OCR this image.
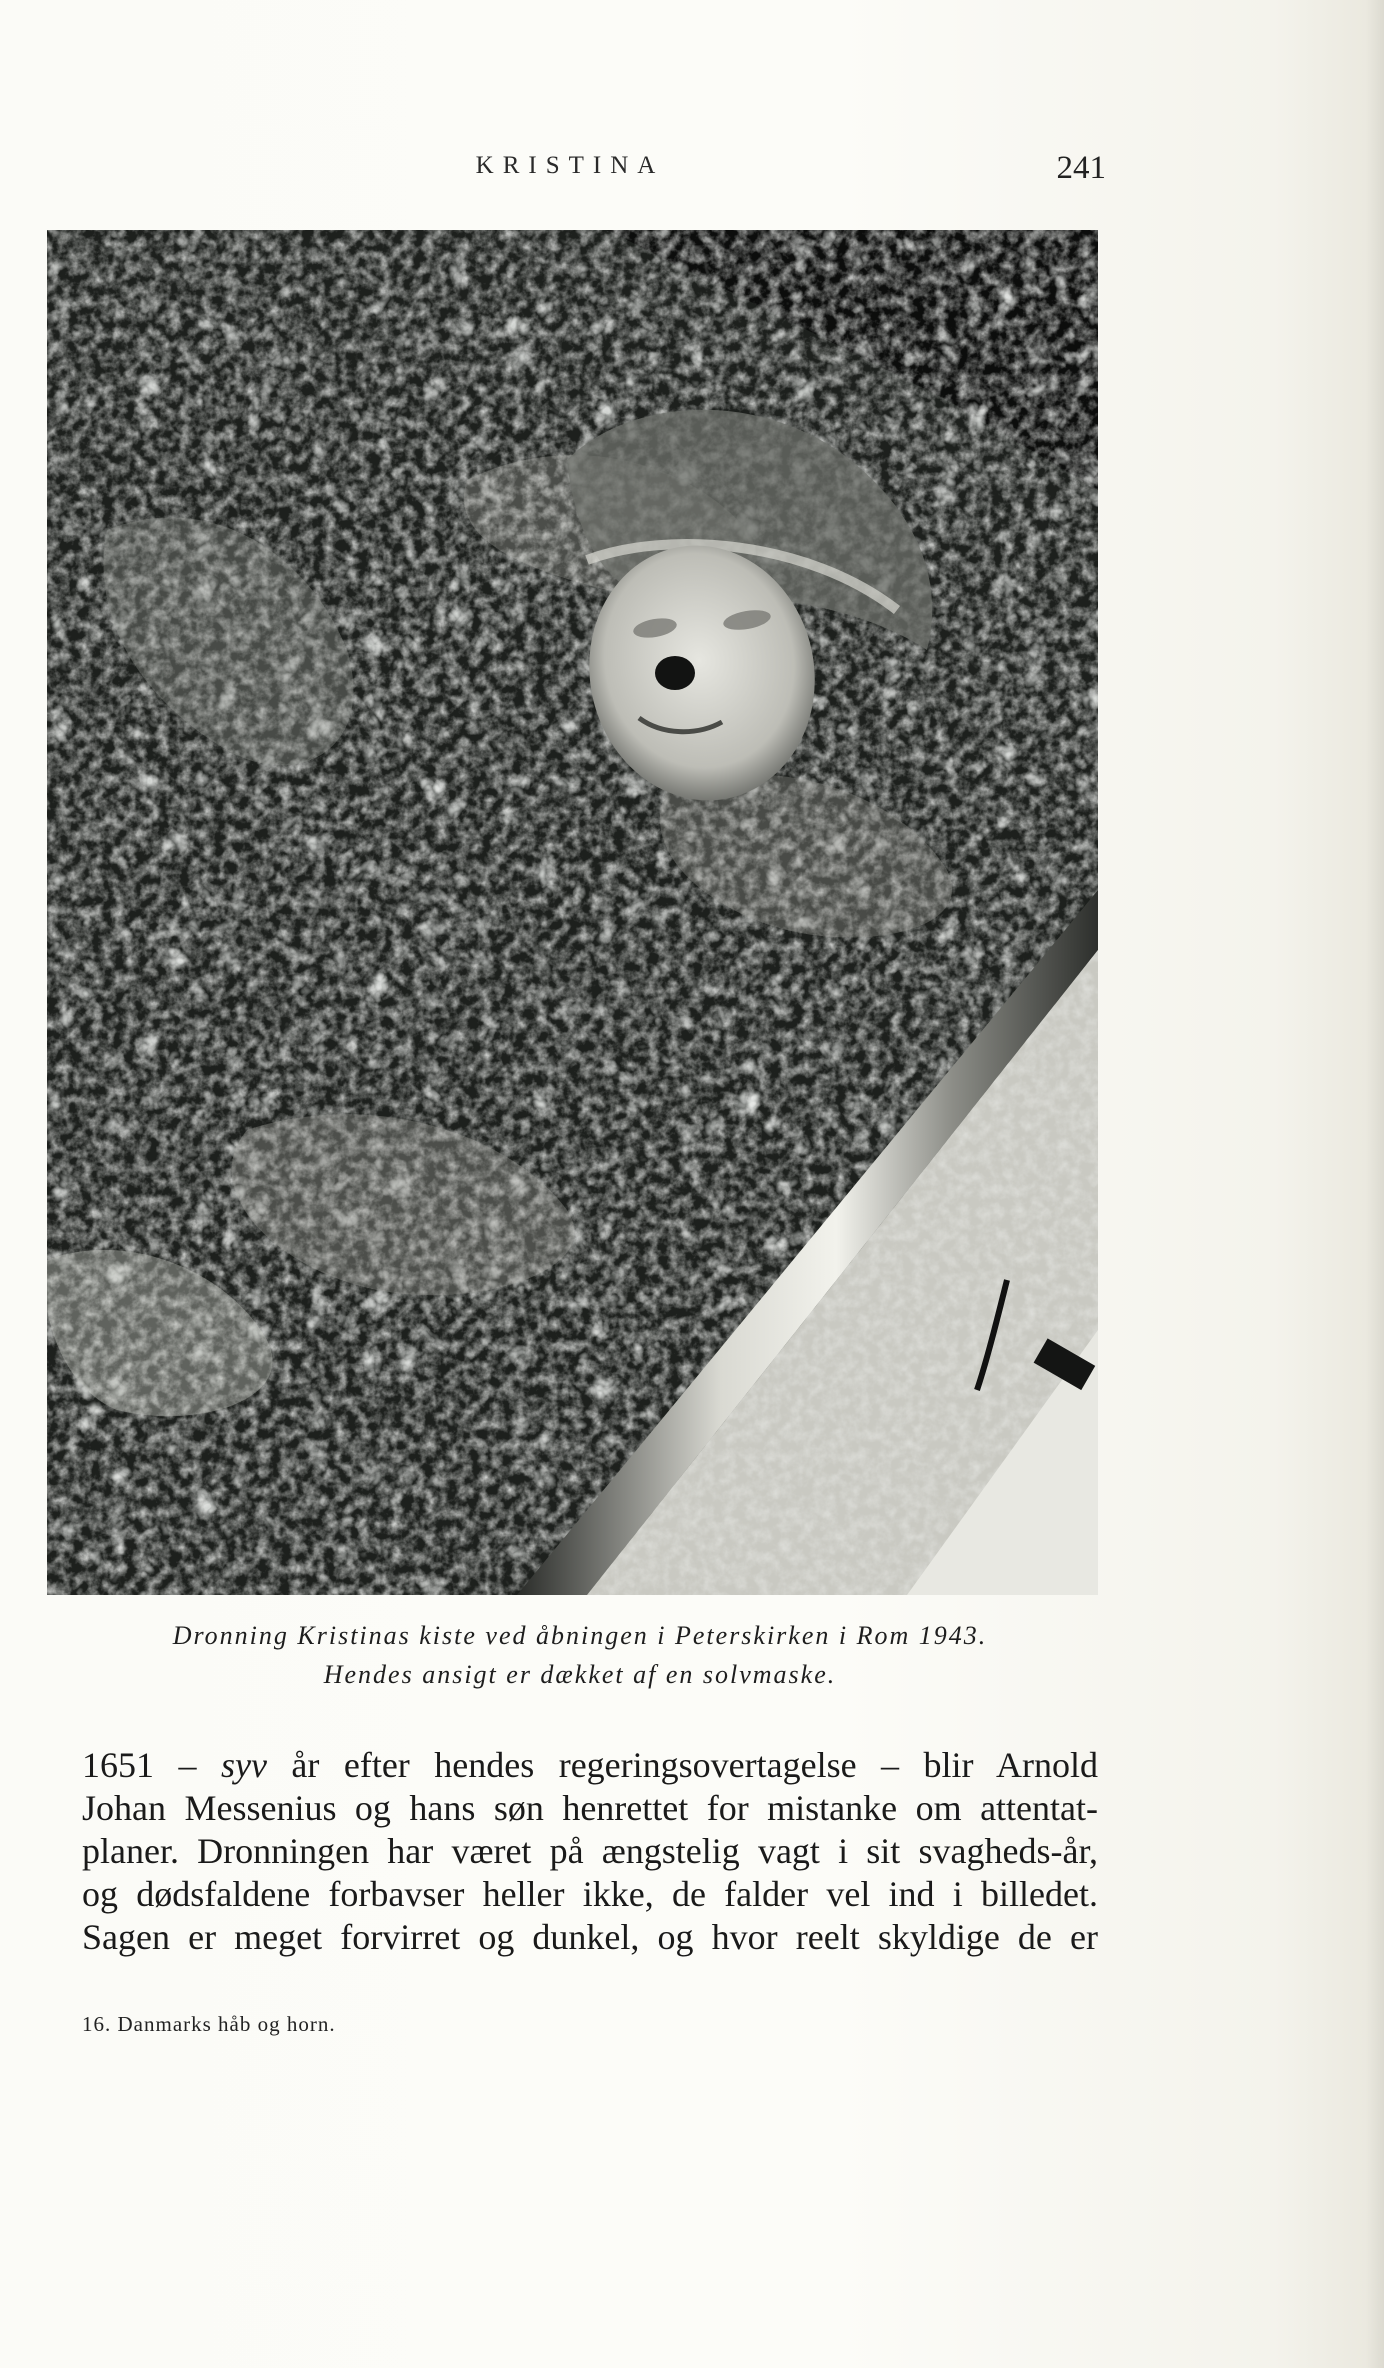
KRISTINA	241
Dronning Kristinas kiste ved åbningen i Peterskirken i Rom 1943.
Hendes ansigt er dækket af en solvmaske.
1651 – syv år efter hendes regeringsovertagelse – blir Arnold
Johan Messenius og hans søn henrettet for mistanke om attentat-
planer. Dronningen har været på ængstelig vagt i sit svagheds-år,
og dødsfaldene forbavser heller ikke, de falder vel ind i billedet.
Sagen er meget forvirret og dunkel, og hvor reelt skyldige de er
16. Danmarks håb og horn.
